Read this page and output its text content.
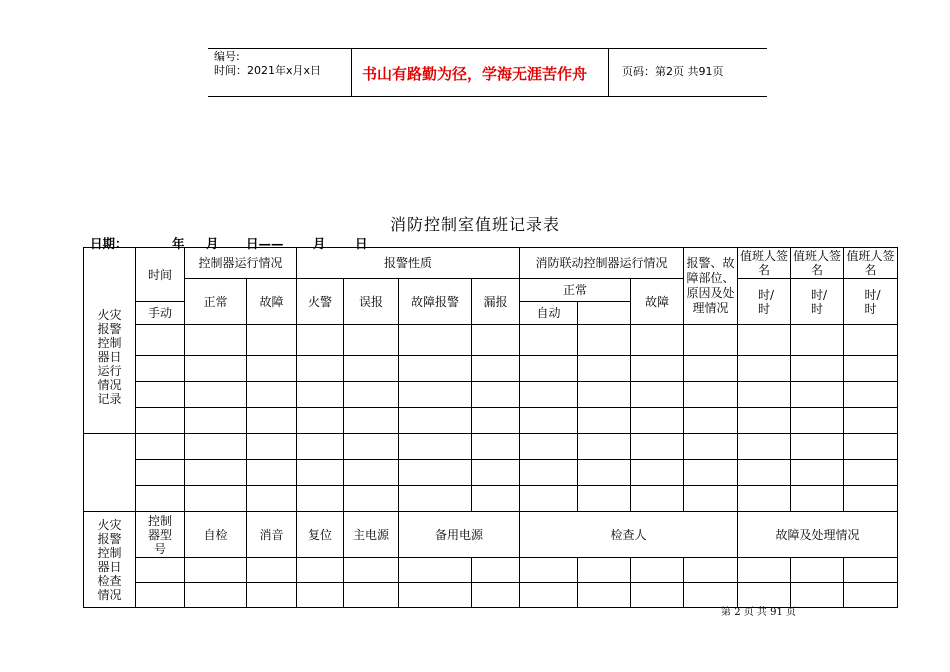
编号:
时间：2021年x月x日	书山有路勤为径，学海无涯苦作舟	页码：第2页 共91页
消防控制室值班记录表
日期：	年 月 日—— 月 日
火灾报警控制器日运行情况记录	时间	控制器运行情况		报警性质				消防联动控制器运行情况			报警、故障部位、原因及处理情况	值班人签名	值班人签名	值班人签名

		正常	故障	火警	误报	故障报警	漏报	正常		故障		时/时	时/时	时/时

	手动							自动						

火灾报警控制器日检查情况	控制器型号	自检	消音	复位	主电源	备用电源		检查人				故障及处理情况		

第 2 页 共 91 页
